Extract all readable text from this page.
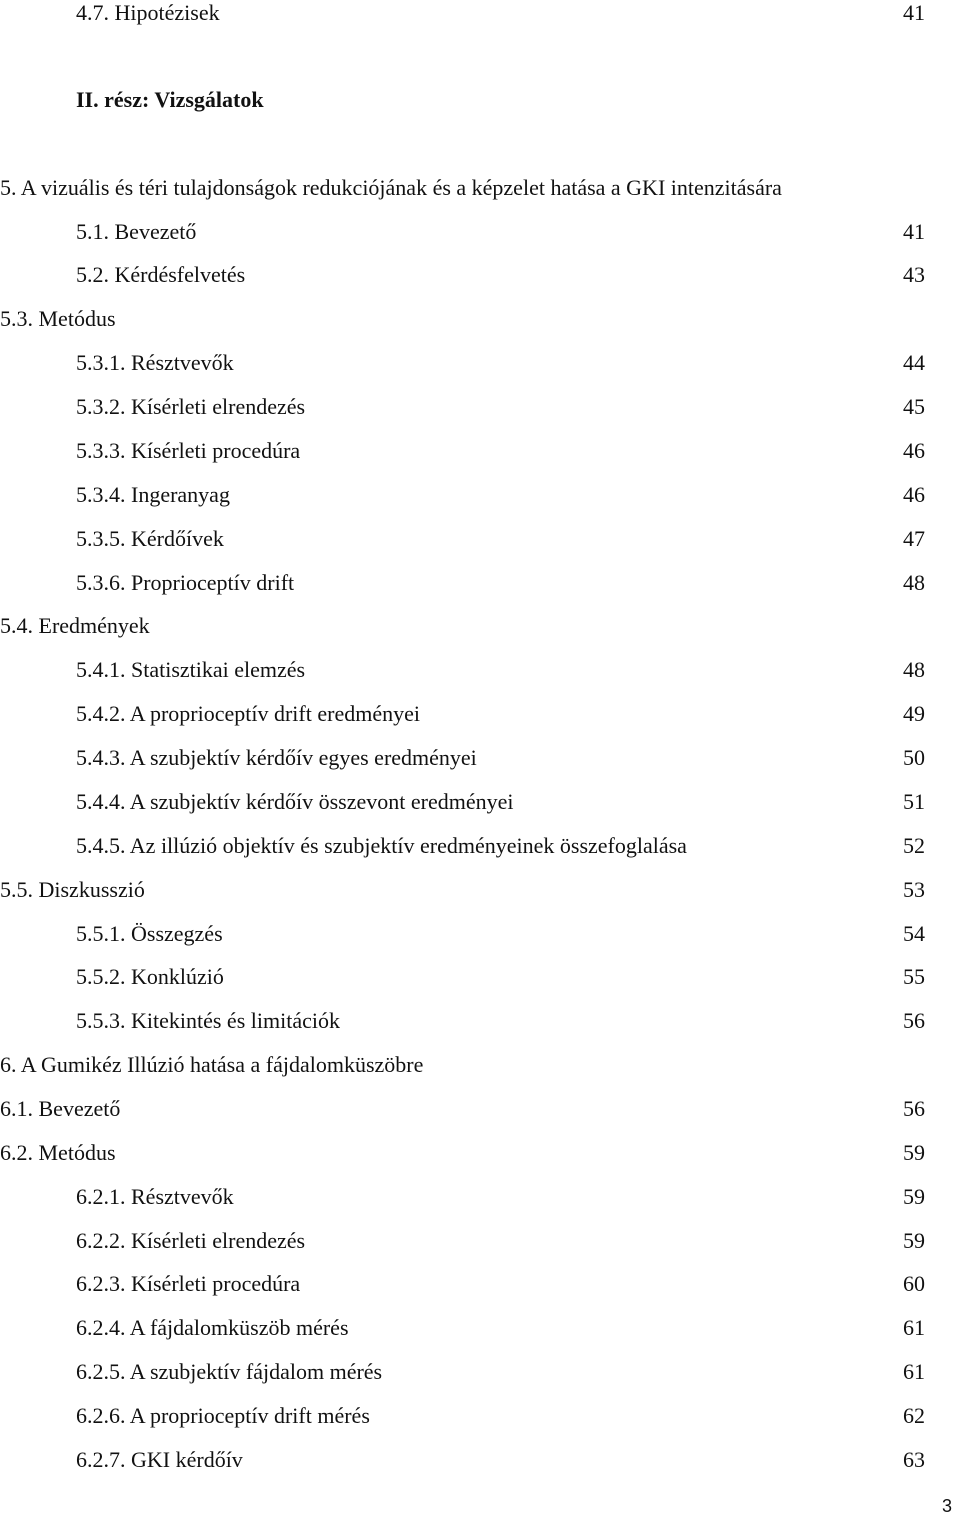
4.7. Hipotézisek	41
II. rész: Vizsgálatok
5. A vizuális és téri tulajdonságok redukciójának és a képzelet hatása a GKI intenzitására
5.1. Bevezető	41
5.2. Kérdésfelvetés	43
5.3. Metódus
5.3.1. Résztvevők	44
5.3.2. Kísérleti elrendezés	45
5.3.3. Kísérleti procedúra	46
5.3.4. Ingeranyag	46
5.3.5. Kérdőívek	47
5.3.6. Proprioceptív drift	48
5.4. Eredmények
5.4.1. Statisztikai elemzés	48
5.4.2. A proprioceptív drift eredményei	49
5.4.3. A szubjektív kérdőív egyes eredményei	50
5.4.4. A szubjektív kérdőív összevont eredményei	51
5.4.5. Az illúzió objektív és szubjektív eredményeinek összefoglalása	52
5.5. Diszkusszió	53
5.5.1. Összegzés	54
5.5.2. Konklúzió	55
5.5.3. Kitekintés és limitációk	56
6. A Gumikéz Illúzió hatása a fájdalomküszöbre
6.1. Bevezető	56
6.2. Metódus	59
6.2.1. Résztvevők	59
6.2.2. Kísérleti elrendezés	59
6.2.3. Kísérleti procedúra	60
6.2.4. A fájdalomküszöb mérés	61
6.2.5. A szubjektív fájdalom mérés	61
6.2.6. A proprioceptív drift mérés	62
6.2.7. GKI kérdőív	63
3
